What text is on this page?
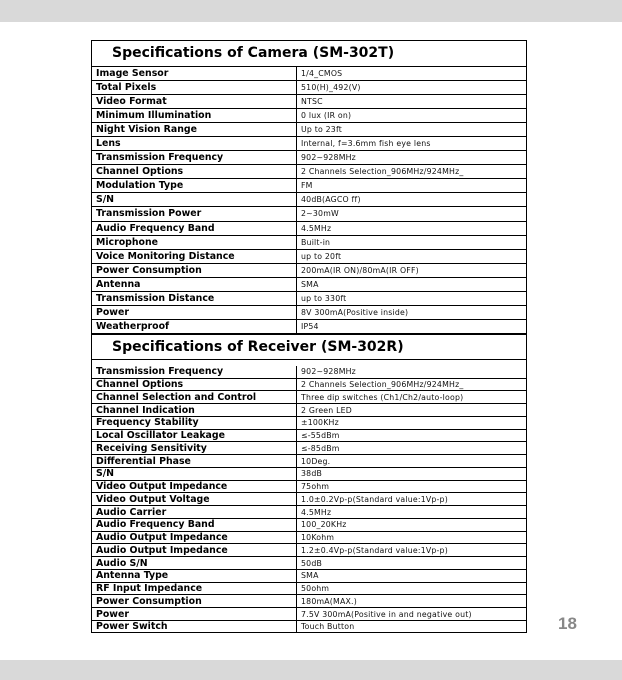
Specifications of Camera (SM-302T)
Image Sensor	1/4_CMOS
Total Pixels	510(H)_492(V)
Video Format	NTSC
Minimum Illumination	0 lux (IR on)
Night Vision Range	Up to 23ft
Lens	Internal, f=3.6mm fish eye lens
Transmission Frequency	902~928MHz
Channel Options	2 Channels Selection_906MHz/924MHz_
Modulation Type	FM
S/N	40dB(AGCO ff)
Transmission Power	2~30mW
Audio Frequency Band	4.5MHz
Microphone	Built-in
Voice Monitoring Distance	up to 20ft
Power Consumption	200mA(IR ON)/80mA(IR OFF)
Antenna	SMA
Transmission Distance	up to 330ft
Power	8V 300mA(Positive inside)
Weatherproof	IP54
Specifications of Receiver (SM-302R)
Transmission Frequency	902~928MHz
Channel Options	2 Channels Selection_906MHz/924MHz_
Channel Selection and Control	Three dip switches (Ch1/Ch2/auto-loop)
Channel Indication	2 Green LED
Frequency Stability	±100KHz
Local Oscillator Leakage	≤-55dBm
Receiving Sensitivity	≤-85dBm
Differential Phase	10Deg.
S/N	38dB
Video Output Impedance	75ohm
Video Output Voltage	1.0±0.2Vp-p(Standard value:1Vp-p)
Audio Carrier	4.5MHz
Audio Frequency Band	100_20KHz
Audio Output Impedance	10Kohm
Audio Output Impedance	1.2±0.4Vp-p(Standard value:1Vp-p)
Audio S/N	50dB
Antenna Type	SMA
RF Input Impedance	50ohm
Power Consumption	180mA(MAX.)
Power	7.5V 300mA(Positive in and negative out)
Power Switch	Touch Button	18
